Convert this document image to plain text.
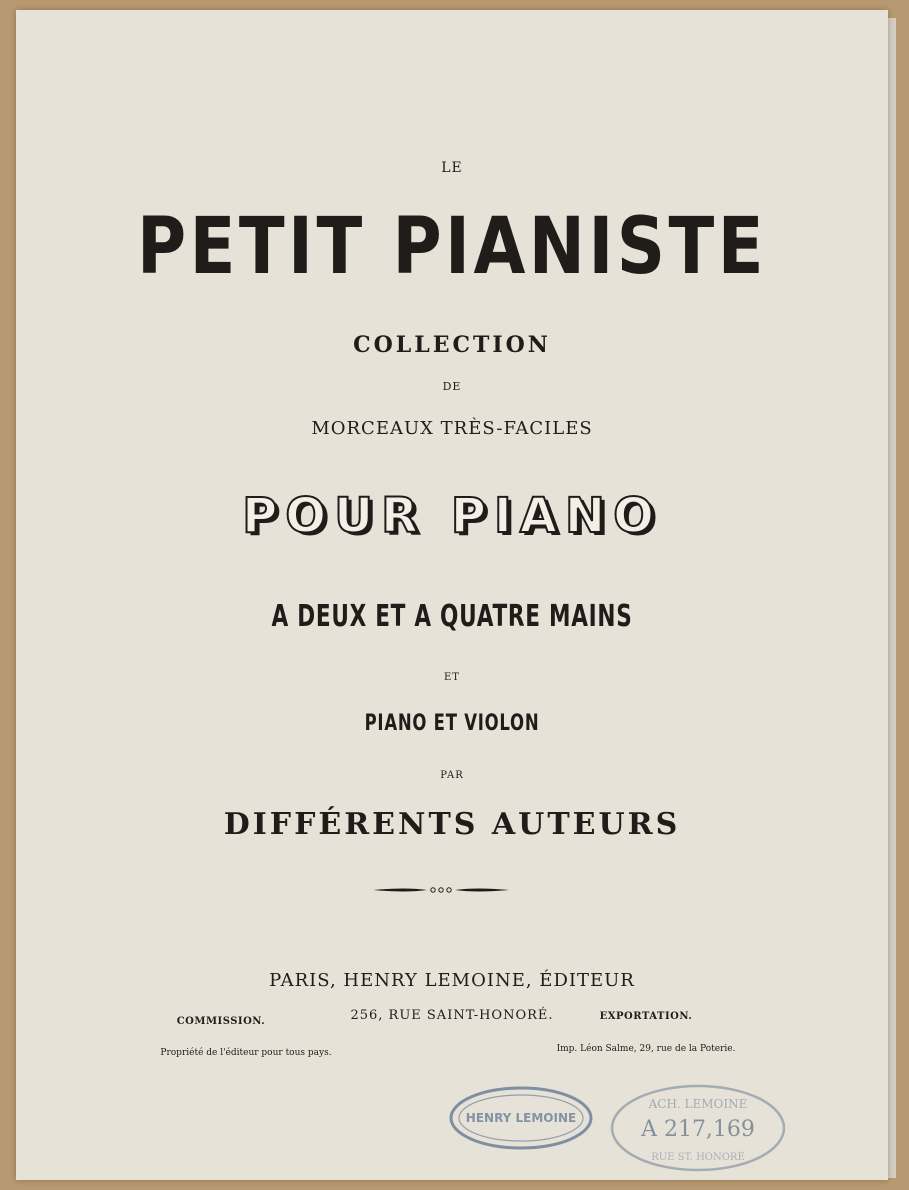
LE
PETIT PIANISTE
COLLECTION
DE
MORCEAUX TRÈS-FACILES
POUR PIANO
A DEUX ET A QUATRE MAINS
ET
PIANO ET VIOLON
PAR
DIFFÉRENTS AUTEURS
PARIS, HENRY LEMOINE, ÉDITEUR
256, RUE SAINT-HONORÉ.
COMMISSION.	EXPORTATION.
Propriété de l'éditeur pour tous pays.	Imp. Léon Salme, 29, rue de la Poterie.
HENRY LEMOINE
ACH. LEMOINE
A 217,169
RUE ST. HONORÉ
